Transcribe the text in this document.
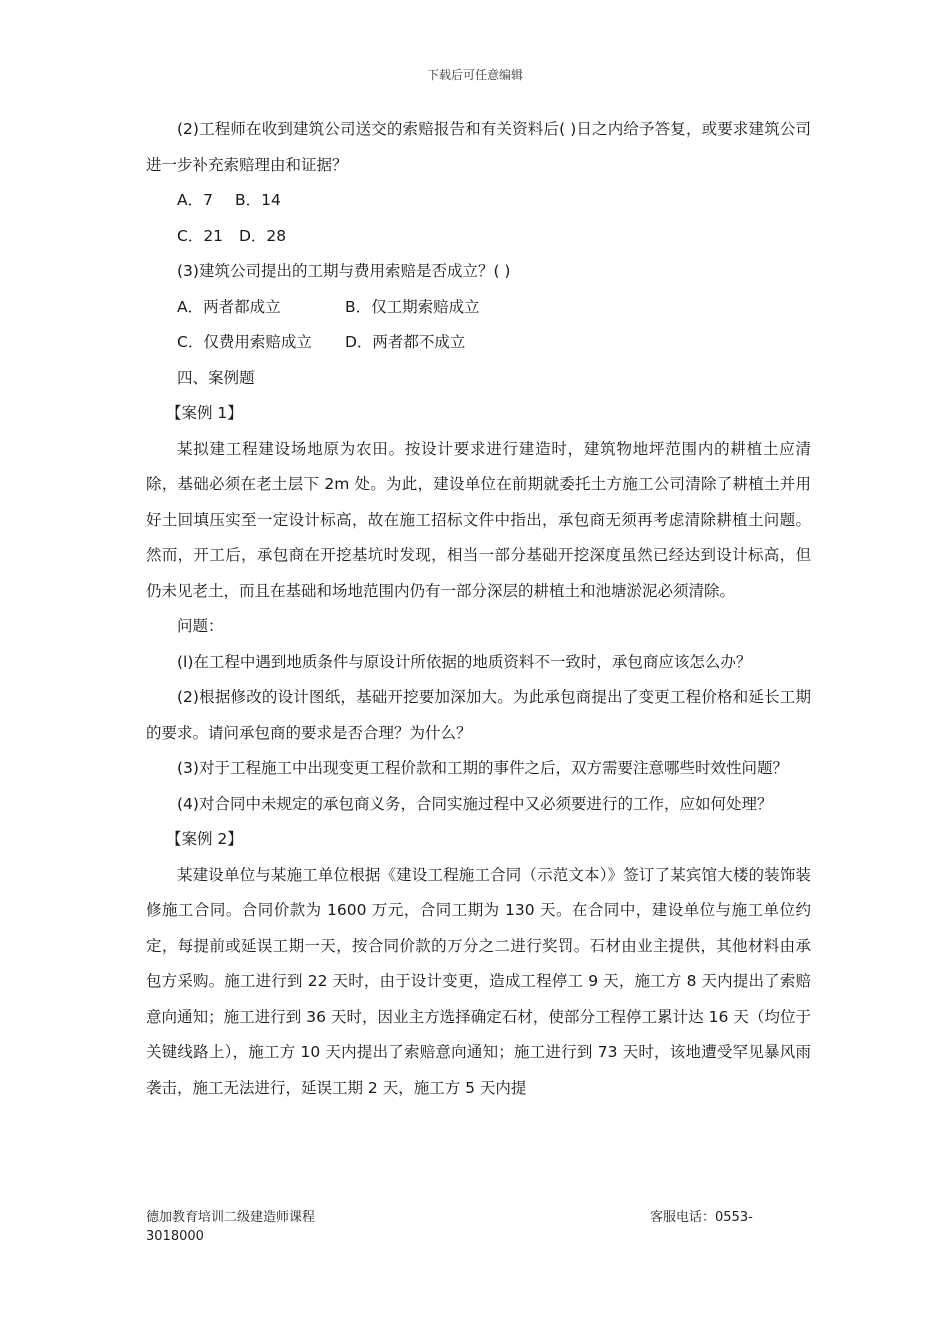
下载后可任意编辑

(2)工程师在收到建筑公司送交的索赔报告和有关资料后( )日之内给予答复，或要求建筑公司进一步补充索赔理由和证据？

A．7 B．14

C．21 D．28

(3)建筑公司提出的工期与费用索赔是否成立？( )

A．两者都成立	B．仅工期索赔成立

C．仅费用索赔成立 D．两者都不成立

四、案例题

【案例 1】

某拟建工程建设场地原为农田。按设计要求进行建造时，建筑物地坪范围内的耕植土应清除，基础必须在老土层下 2m 处。为此，建设单位在前期就委托土方施工公司清除了耕植土并用好土回填压实至一定设计标高，故在施工招标文件中指出，承包商无须再考虑清除耕植土问题。然而，开工后，承包商在开挖基坑时发现，相当一部分基础开挖深度虽然已经达到设计标高，但仍未见老土，而且在基础和场地范围内仍有一部分深层的耕植土和池塘淤泥必须清除。

问题：

(l)在工程中遇到地质条件与原设计所依据的地质资料不一致时，承包商应该怎么办？

(2)根据修改的设计图纸，基础开挖要加深加大。为此承包商提出了变更工程价格和延长工期的要求。请问承包商的要求是否合理？为什么？

(3)对于工程施工中出现变更工程价款和工期的事件之后，双方需要注意哪些时效性问题？

(4)对合同中未规定的承包商义务，合同实施过程中又必须要进行的工作，应如何处理？

【案例 2】

某建设单位与某施工单位根据《建设工程施工合同（示范文本）》签订了某宾馆大楼的装饰装修施工合同。合同价款为 1600 万元，合同工期为 130 天。在合同中，建设单位与施工单位约定，每提前或延误工期一天，按合同价款的万分之二进行奖罚。石材由业主提供，其他材料由承包方采购。施工进行到 22 天时，由于设计变更，造成工程停工 9 天，施工方 8 天内提出了索赔意向通知；施工进行到 36 天时，因业主方选择确定石材，使部分工程停工累计达 16 天（均位于关键线路上），施工方 10 天内提出了索赔意向通知；施工进行到 73 天时，该地遭受罕见暴风雨袭击，施工无法进行，延误工期 2 天，施工方 5 天内提

德加教育培训二级建造师课程	客服电话：0553-
3018000
